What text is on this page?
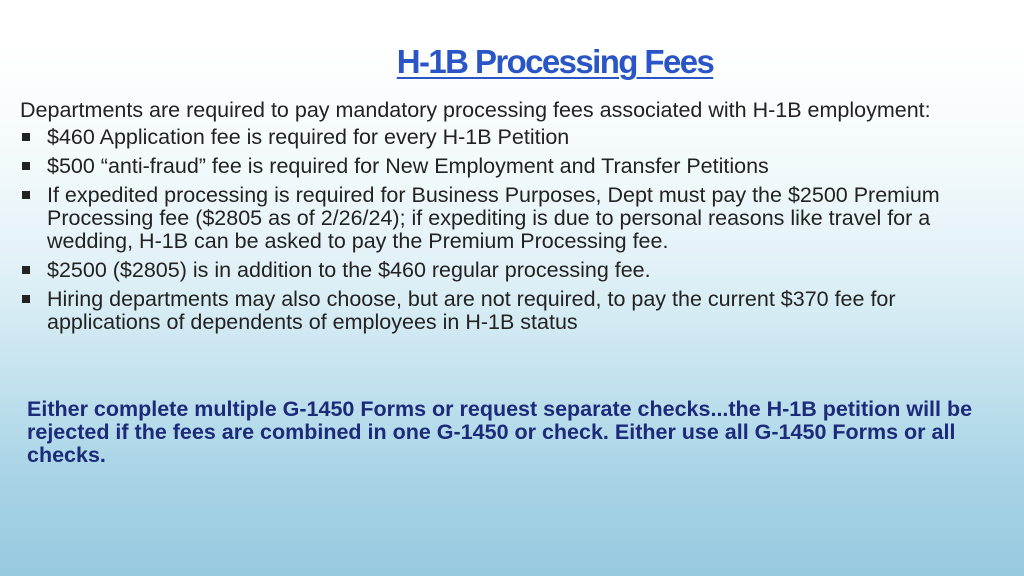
H-1B Processing Fees

Departments are required to pay mandatory processing fees associated with H-1B employment:

$460 Application fee is required for every H-1B Petition
$500 “anti-fraud” fee is required for New Employment and Transfer Petitions
If expedited processing is required for Business Purposes, Dept must pay the $2500 Premium Processing fee ($2805 as of 2/26/24); if expediting is due to personal reasons like travel for a wedding, H-1B can be asked to pay the Premium Processing fee.
$2500 ($2805) is in addition to the $460 regular processing fee.
Hiring departments may also choose, but are not required, to pay the current $370 fee for applications of dependents of employees in H-1B status
Either complete multiple G-1450 Forms or request separate checks...the H-1B petition will be rejected if the fees are combined in one G-1450 or check. Either use all G-1450 Forms or all checks.
